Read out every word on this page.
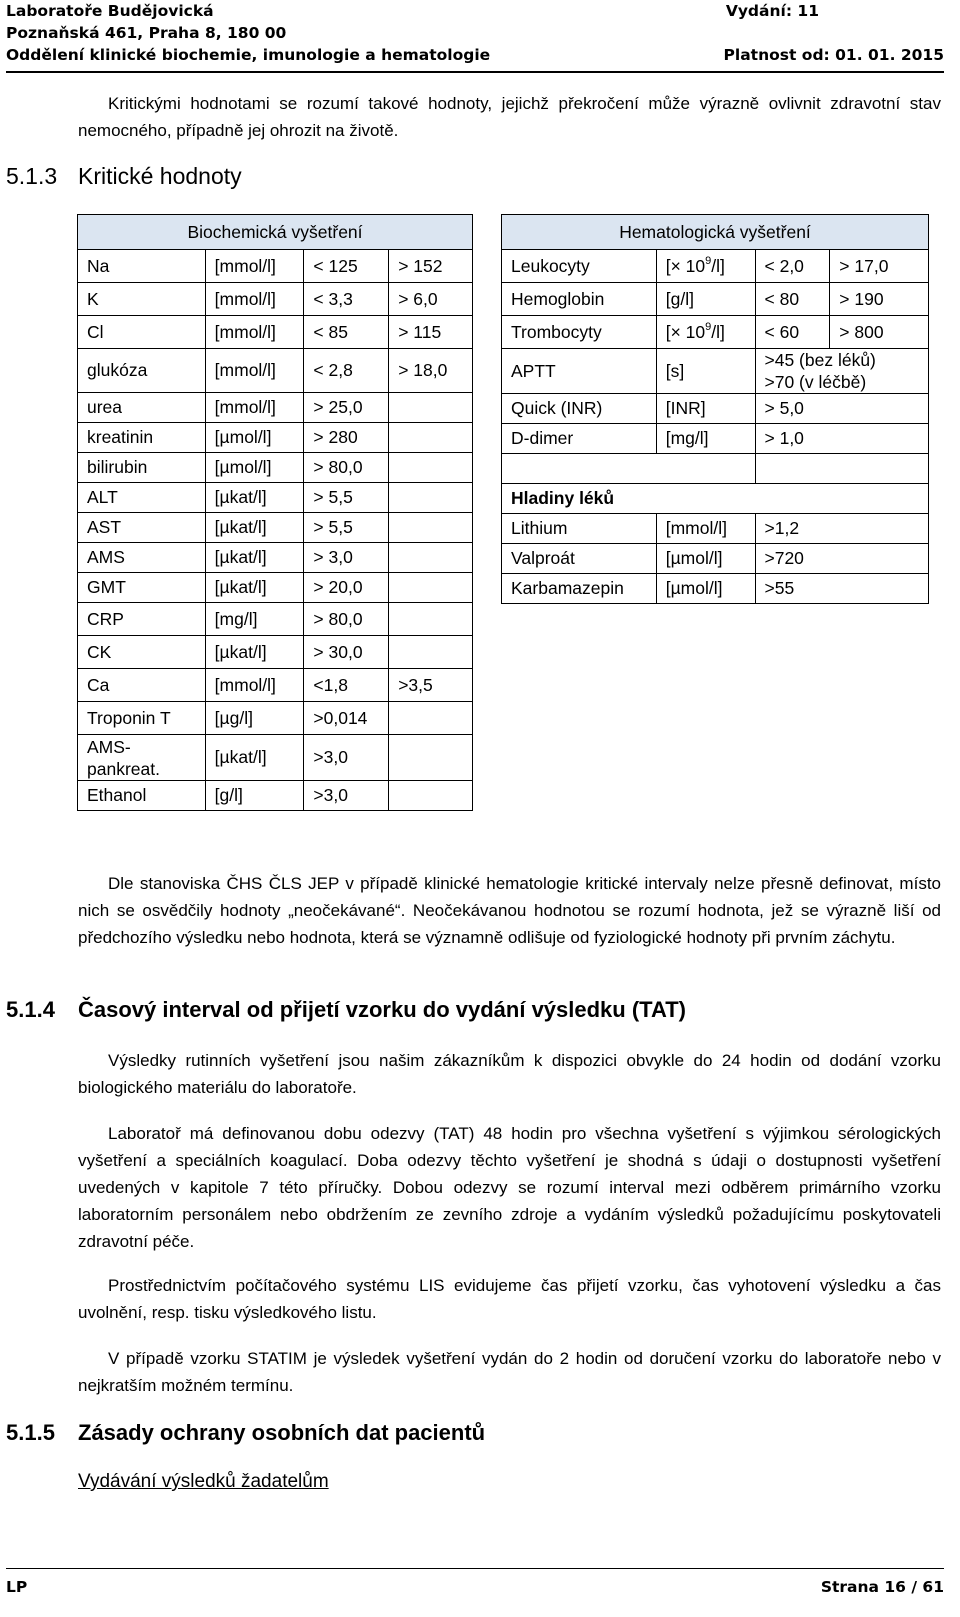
Laboratoře Budějovická	Vydání: 11
Poznaňská 461, Praha 8, 180 00
Oddělení klinické biochemie, imunologie a hematologie	Platnost od: 01. 01. 2015
Kritickými hodnotami se rozumí takové hodnoty, jejichž překročení může výrazně ovlivnit zdravotní stav nemocného, případně jej ohrozit na životě.
5.1.3 Kritické hodnoty
Biochemická vyšetření			
Na	[mmol/l]	< 125	> 152
K	[mmol/l]	< 3,3	> 6,0
Cl	[mmol/l]	< 85	> 115
glukóza	[mmol/l]	< 2,8	> 18,0
urea	[mmol/l]	> 25,0	
kreatinin	[µmol/l]	> 280	
bilirubin	[µmol/l]	> 80,0	
ALT	[µkat/l]	> 5,5	
AST	[µkat/l]	> 5,5	
AMS	[µkat/l]	> 3,0	
GMT	[µkat/l]	> 20,0	
CRP	[mg/l]	> 80,0	
CK	[µkat/l]	> 30,0	
Ca	[mmol/l]	<1,8	>3,5
Troponin T	[µg/l]	>0,014	
AMS-
pankreat.	[µkat/l]	>3,0	
Ethanol	[g/l]	>3,0	
Hematologická vyšetření			
Leukocyty	[× $10^9/l$]	< 2,0	> 17,0
Hemoglobin	[g/l]	< 80	> 190
Trombocyty	[× $10^9/l$]	< 60	> 800
APTT	[s]	>45 (bez léků)
>70 (v léčbě)	
Quick (INR)	[INR]	> 5,0	
D-dimer	[mg/l]	> 1,0	

Hladiny léků			
Lithium	[mmol/l]	>1,2	
Valproát	[µmol/l]	>720	
Karbamazepin	[µmol/l]	>55	
Dle stanoviska ČHS ČLS JEP v případě klinické hematologie kritické intervaly nelze přesně definovat, místo nich se osvědčily hodnoty „neočekávané“. Neočekávanou hodnotou se rozumí hodnota, jež se výrazně liší od předchozího výsledku nebo hodnota, která se významně odlišuje od fyziologické hodnoty při prvním záchytu.
5.1.4 Časový interval od přijetí vzorku do vydání výsledku (TAT)
Výsledky rutinních vyšetření jsou našim zákazníkům k dispozici obvykle do 24 hodin od dodání vzorku biologického materiálu do laboratoře.
Laboratoř má definovanou dobu odezvy (TAT) 48 hodin pro všechna vyšetření s výjimkou sérologických vyšetření a speciálních koagulací. Doba odezvy těchto vyšetření je shodná s údaji o dostupnosti vyšetření uvedených v kapitole 7 této příručky. Dobou odezvy se rozumí interval mezi odběrem primárního vzorku laboratorním personálem nebo obdržením ze zevního zdroje a vydáním výsledků požadujícímu poskytovateli zdravotní péče.
Prostřednictvím počítačového systému LIS evidujeme čas přijetí vzorku, čas vyhotovení výsledku a čas uvolnění, resp. tisku výsledkového listu.
V případě vzorku STATIM je výsledek vyšetření vydán do 2 hodin od doručení vzorku do laboratoře nebo v nejkratším možném termínu.
5.1.5 Zásady ochrany osobních dat pacientů
Vydávání výsledků žadatelům
LP	Strana 16 / 61
